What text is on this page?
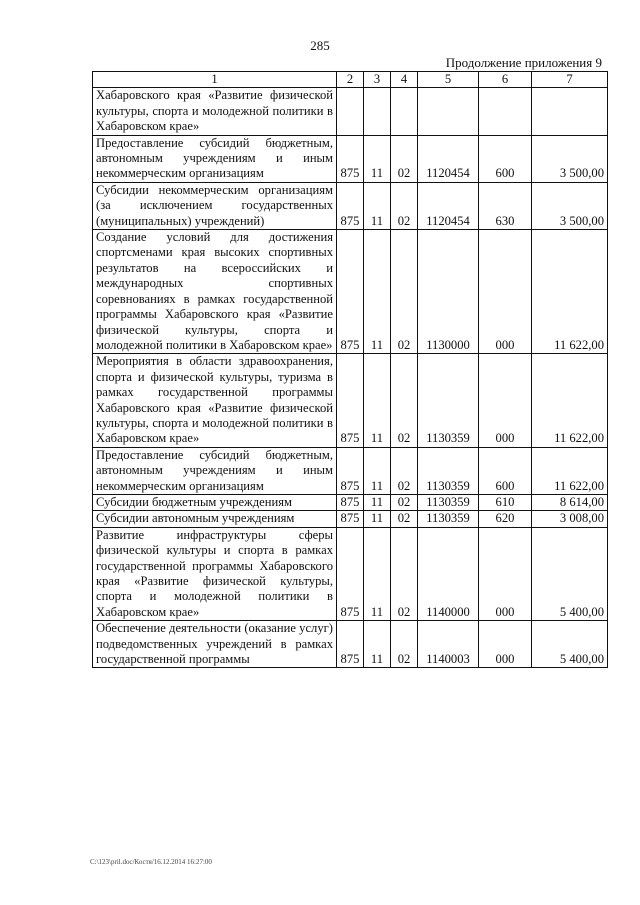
285
Продолжение приложения 9
1	2	3	4	5	6	7
Хабаровского края «Развитие физической культуры, спорта и молодежной политики в Хабаровском крае»						
Предоставление субсидий бюджетным, автономным учреждениям и иным некоммерческим организациям	875	11	02	1120454	600	3 500,00
Субсидии некоммерческим организациям (за исключением государственных (муниципальных) учреждений)	875	11	02	1120454	630	3 500,00
Создание условий для достижения спортсменами края высоких спортивных результатов на всероссийских и международных спортивных соревнованиях в рамках государственной программы Хабаровского края «Развитие физической культуры, спорта и молодежной политики в Хабаровском крае»	875	11	02	1130000	000	11 622,00
Мероприятия в области здравоохранения, спорта и физической культуры, туризма в рамках государственной программы Хабаровского края «Развитие физической культуры, спорта и молодежной политики в Хабаровском крае»	875	11	02	1130359	000	11 622,00
Предоставление субсидий бюджетным, автономным учреждениям и иным некоммерческим организациям	875	11	02	1130359	600	11 622,00
Субсидии бюджетным учреждениям	875	11	02	1130359	610	8 614,00
Субсидии автономным учреждениям	875	11	02	1130359	620	3 008,00
Развитие инфраструктуры сферы физической культуры и спорта в рамках государственной программы Хабаровского края «Развитие физической культуры, спорта и молодежной политики в Хабаровском крае»	875	11	02	1140000	000	5 400,00
Обеспечение деятельности (оказание услуг) подведомственных учреждений в рамках государственной программы	875	11	02	1140003	000	5 400,00
C:\123\pril.doc/Костя/16.12.2014 16:27:00
